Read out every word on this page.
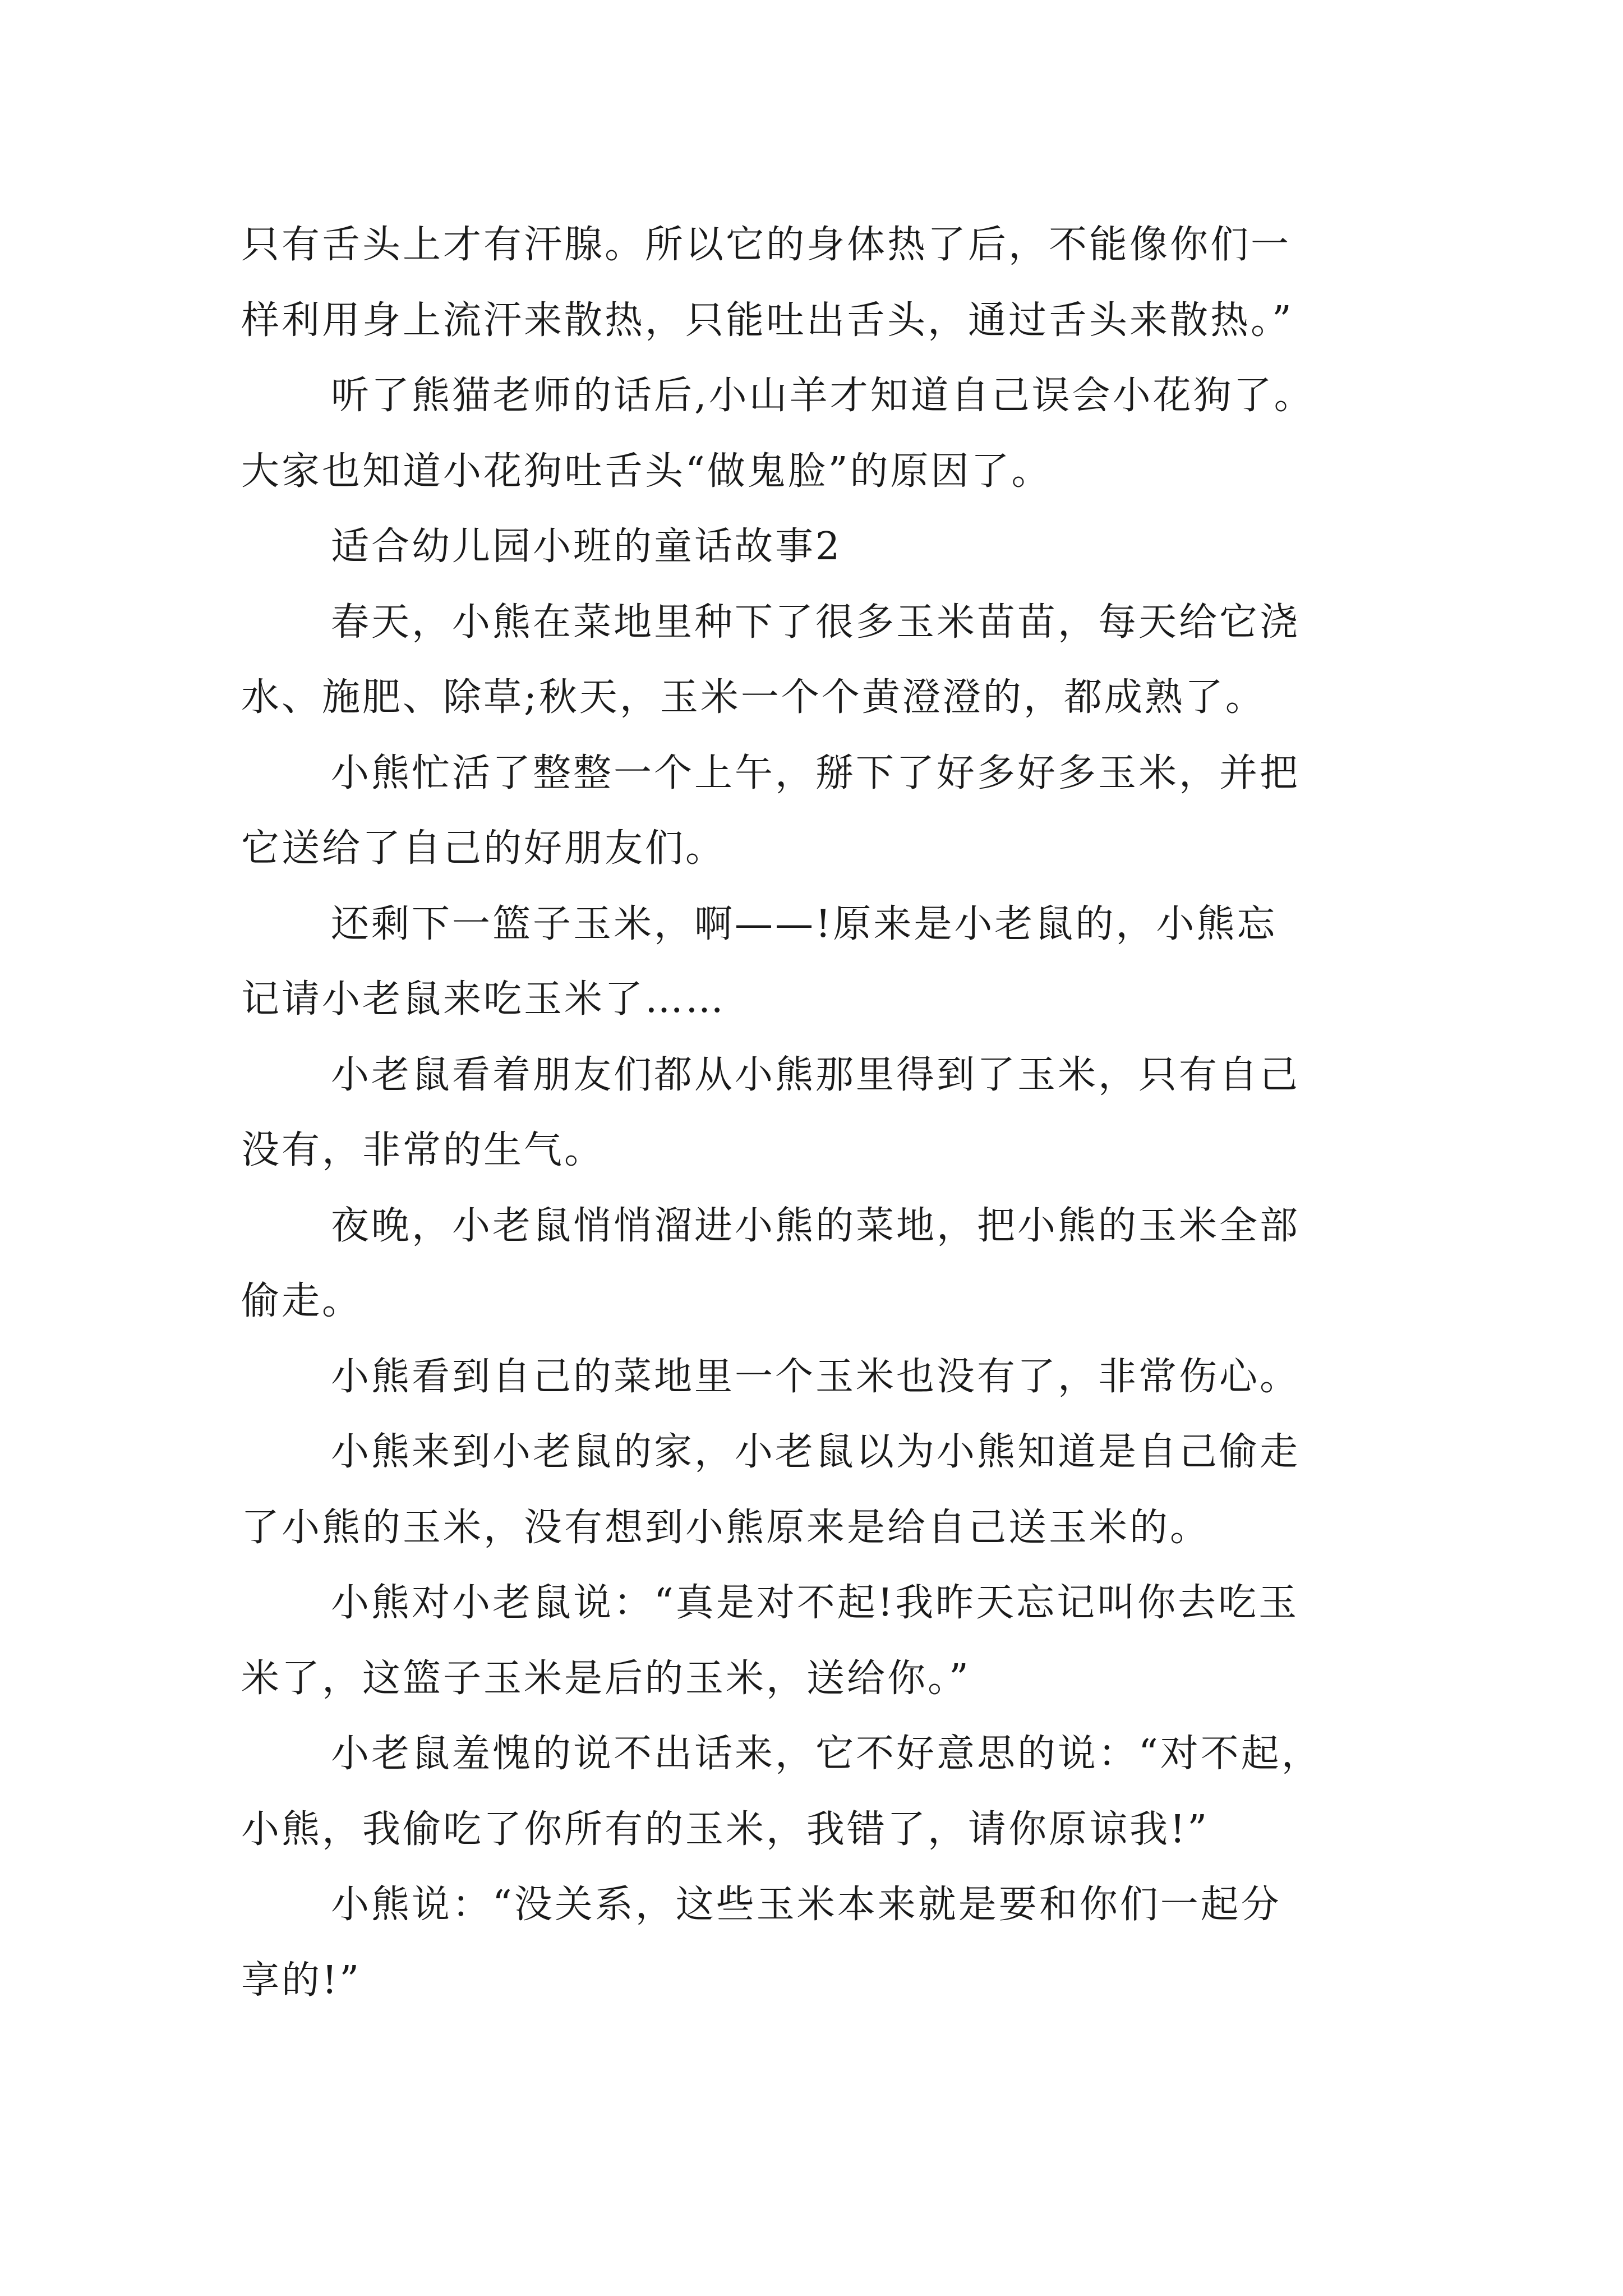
只有舌头上才有汗腺。所以它的身体热了后，不能像你们一
样利用身上流汗来散热，只能吐出舌头，通过舌头来散热。”
听了熊猫老师的话后,小山羊才知道自己误会小花狗了。
大家也知道小花狗吐舌头“做鬼脸”的原因了。
适合幼儿园小班的童话故事2
春天，小熊在菜地里种下了很多玉米苗苗，每天给它浇
水、施肥、除草;秋天，玉米一个个黄澄澄的，都成熟了。
小熊忙活了整整一个上午，掰下了好多好多玉米，并把
它送给了自己的好朋友们。
还剩下一篮子玉米，啊——!原来是小老鼠的，小熊忘
记请小老鼠来吃玉米了……
小老鼠看着朋友们都从小熊那里得到了玉米，只有自己
没有，非常的生气。
夜晚，小老鼠悄悄溜进小熊的菜地，把小熊的玉米全部
偷走。
小熊看到自己的菜地里一个玉米也没有了，非常伤心。
小熊来到小老鼠的家，小老鼠以为小熊知道是自己偷走
了小熊的玉米，没有想到小熊原来是给自己送玉米的。
小熊对小老鼠说：“真是对不起!我昨天忘记叫你去吃玉
米了，这篮子玉米是后的玉米，送给你。”
小老鼠羞愧的说不出话来，它不好意思的说：“对不起，
小熊，我偷吃了你所有的玉米，我错了，请你原谅我!”
小熊说：“没关系，这些玉米本来就是要和你们一起分
享的!”
